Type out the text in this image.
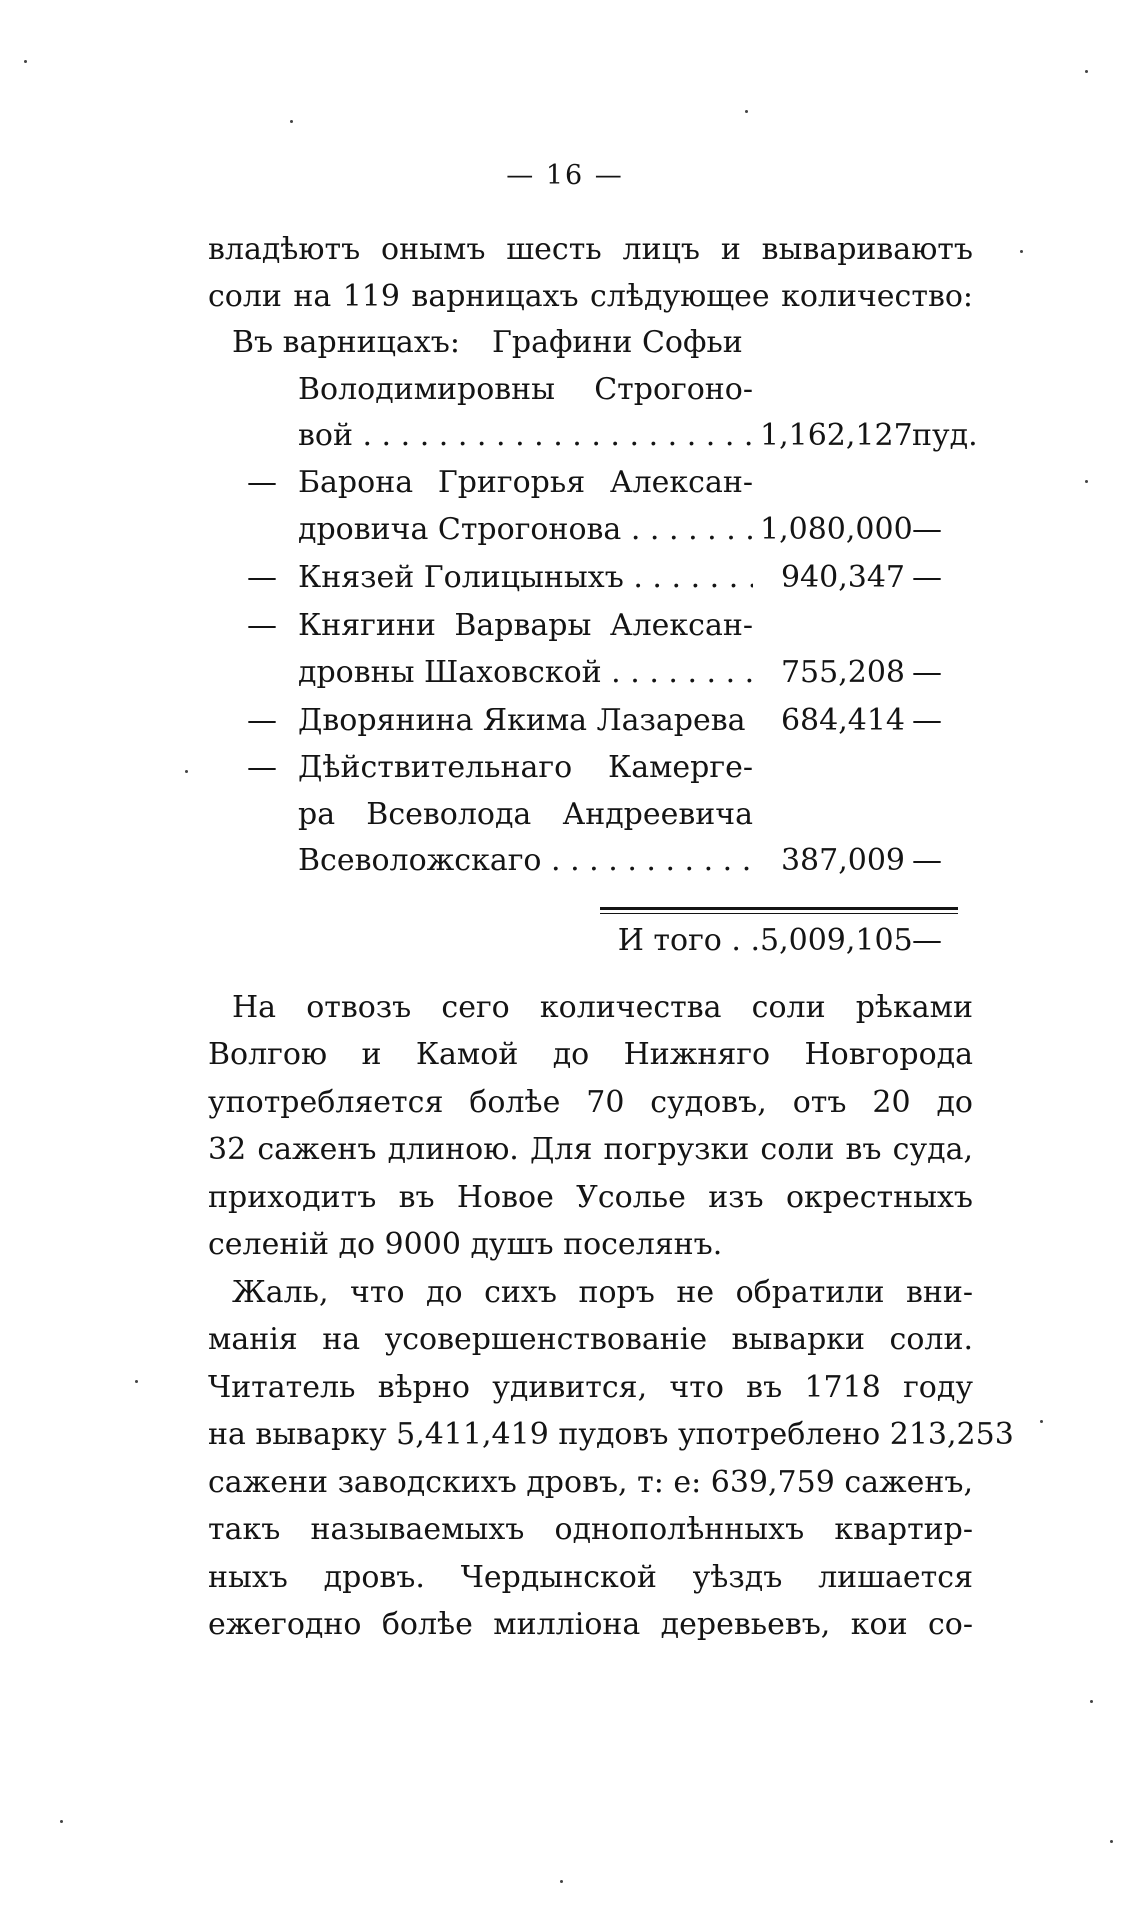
— 16 —
владѣютъ онымъ шесть лицъ и вывариваютъ
соли на 119 варницахъ слѣдующее количество:
Въ варницахъ: Графини Софьи
Володимировны Строгоно-
вой . . .	1,162,127 пуд.
— Барона Григорья Алексан-
дровича Строгонова . . .	1,080,000 —
— Князей Голицыныхъ . . .	940,347 —
— Княгини Варвары Алексан-
дровны Шаховской . . .	755,208 —
— Дворянина Якима Лазарева	684,414 —
— Дѣйствительнаго Камерге-
ра Всеволода Андреевича
Всеволожскаго . . .	387,009 —
И того . . 5,009,105 —
На отвозъ сего количества соли рѣками
Волгою и Камой до Нижняго Новгорода
употребляется болѣе 70 судовъ, отъ 20 до
32 саженъ длиною. Для погрузки соли въ суда,
приходитъ въ Новое Усолье изъ окрестныхъ
селеній до 9000 душъ поселянъ.
Жаль, что до сихъ поръ не обратили вни-
манія на усовершенствованіе выварки соли.
Читатель вѣрно удивится, что въ 1718 году
на выварку 5,411,419 пудовъ употреблено 213,253
сажени заводскихъ дровъ, т: е: 639,759 саженъ,
такъ называемыхъ однополѣнныхъ квартир-
ныхъ дровъ. Чердынской уѣздъ лишается
ежегодно болѣе милліона деревьевъ, кои со-
